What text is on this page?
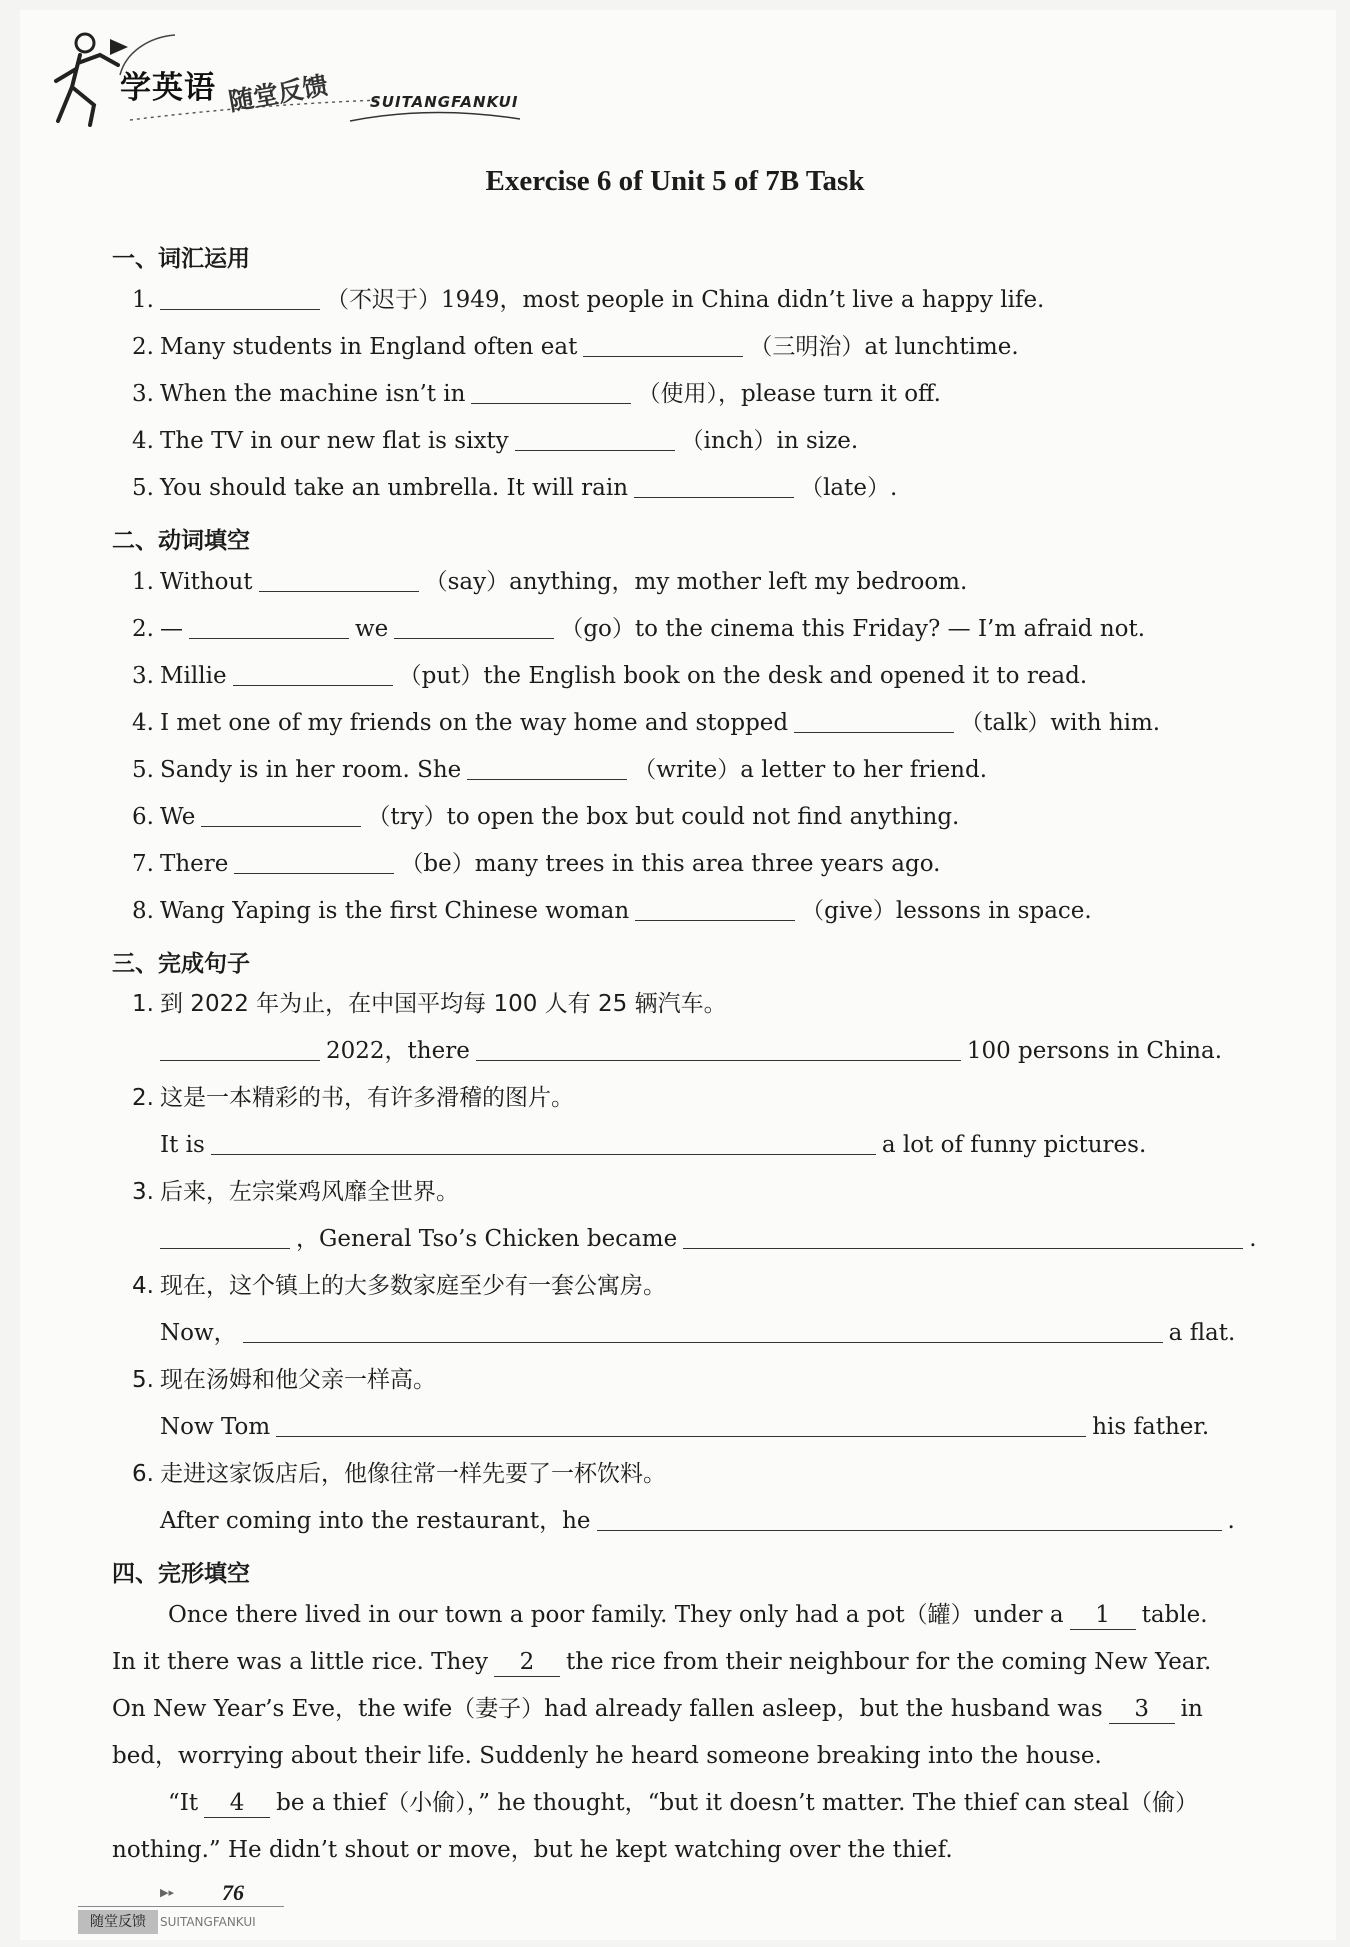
学英语 随堂反馈	SUITANGFANKUI
Exercise 6 of Unit 5 of 7B Task
一、词汇运用
1.	（不迟于）1949，most people in China didn’t live a happy life.
2. Many students in England often eat	（三明治）at lunchtime.
3. When the machine isn’t in	（使用），please turn it off.
4. The TV in our new flat is sixty	（inch）in size.
5. You should take an umbrella. It will rain	（late）.
二、动词填空
1. Without	（say）anything，my mother left my bedroom.
2. —	we	（go）to the cinema this Friday? — I’m afraid not.
3. Millie	（put）the English book on the desk and opened it to read.
4. I met one of my friends on the way home and stopped	（talk）with him.
5. Sandy is in her room. She	（write）a letter to her friend.
6. We	（try）to open the box but could not find anything.
7. There	（be）many trees in this area three years ago.
8. Wang Yaping is the first Chinese woman	（give）lessons in space.
三、完成句子
1. 到 2022 年为止，在中国平均每 100 人有 25 辆汽车。
2022，there	100 persons in China.
2. 这是一本精彩的书，有许多滑稽的图片。
It is	a lot of funny pictures.
3. 后来，左宗棠鸡风靡全世界。
，General Tso’s Chicken became	.
4. 现在，这个镇上的大多数家庭至少有一套公寓房。
Now，	a flat.
5. 现在汤姆和他父亲一样高。
Now Tom	his father.
6. 走进这家饭店后，他像往常一样先要了一杯饮料。
After coming into the restaurant，he	.
四、完形填空
Once there lived in our town a poor family. They only had a pot（罐）under a 1 table.
In it there was a little rice. They 2 the rice from their neighbour for the coming New Year.
On New Year’s Eve，the wife（妻子）had already fallen asleep，but the husband was 3 in
bed，worrying about their life. Suddenly he heard someone breaking into the house.
“It 4 be a thief（小偷），” he thought，“but it doesn’t matter. The thief can steal（偷）
nothing.” He didn’t shout or move，but he kept watching over the thief.
▶▸ 76
随堂反馈	SUITANGFANKUI
